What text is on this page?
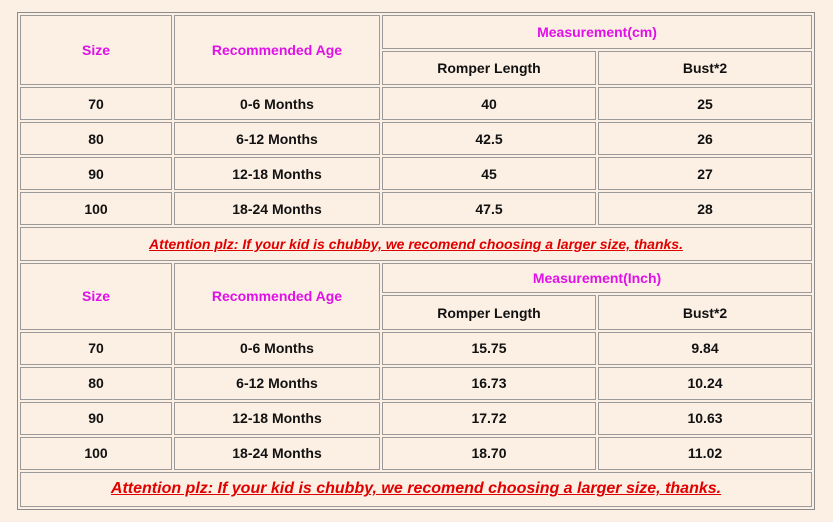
Size	Recommended Age	Measurement(cm)	
		Romper Length	Bust*2
70	0-6 Months	40	25
80	6-12 Months	42.5	26
90	12-18 Months	45	27
100	18-24 Months	47.5	28
Attention plz: If your kid is chubby, we recomend choosing a larger size, thanks.			
Size	Recommended Age	Measurement(Inch)	
		Romper Length	Bust*2
70	0-6 Months	15.75	9.84
80	6-12 Months	16.73	10.24
90	12-18 Months	17.72	10.63
100	18-24 Months	18.70	11.02
Attention plz: If your kid is chubby, we recomend choosing a larger size, thanks.			
